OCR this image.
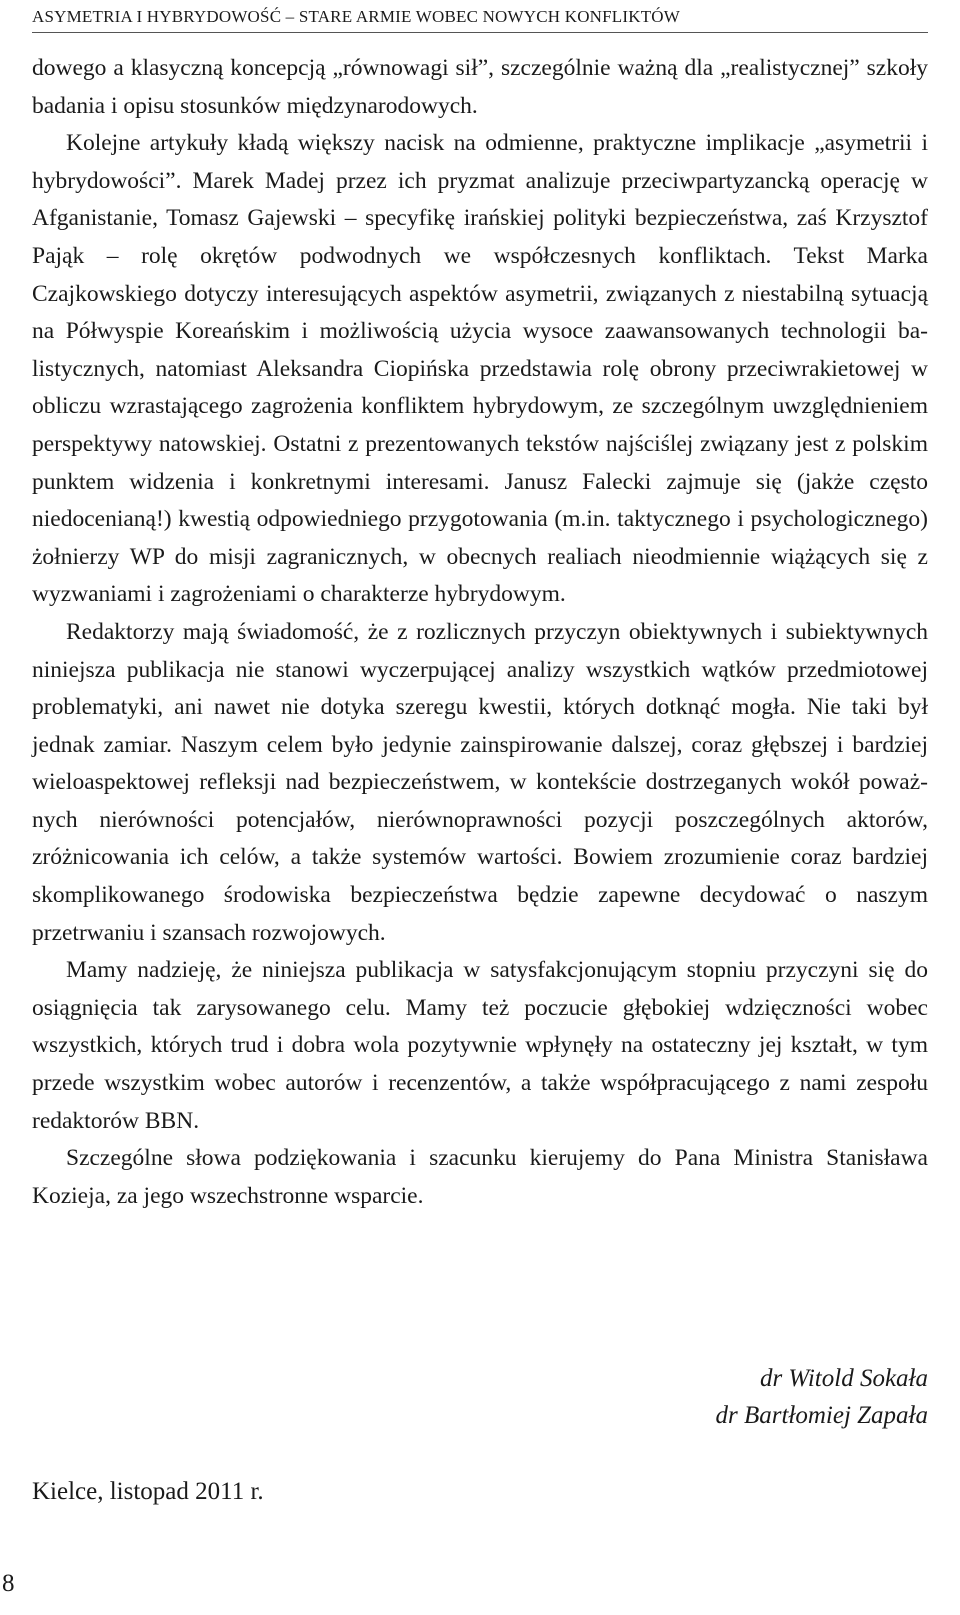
ASYMETRIA I HYBRYDOWOŚĆ – STARE ARMIE WOBEC NOWYCH KONFLIKTÓW

dowego a klasyczną koncepcją „równowagi sił”, szczególnie ważną dla „realistycznej” szkoły badania i opisu stosunków międzynarodowych.

Kolejne artykuły kładą większy nacisk na odmienne, praktyczne implikacje „asymetrii i hybrydowości”. Marek Madej przez ich pryzmat analizuje przeciwpartyzancką operację w Afganistanie, Tomasz Gajewski – specyfikę irańskiej polityki bezpieczeństwa, zaś Krzysztof Pająk – rolę okrętów podwodnych we współczesnych konfliktach. Tekst Marka Czajkowskiego dotyczy interesujących aspektów asymetrii, związanych z niestabilną sytuacją na Półwyspie Koreańskim i możliwością użycia wysoce zaawansowanych technologii balistycznych, natomiast Aleksandra Ciopińska przedstawia rolę obrony przeciwrakietowej w obliczu wzrastającego zagrożenia konfliktem hybrydowym, ze szczególnym uwzględnieniem perspektywy natowskiej. Ostatni z prezentowanych tekstów najściślej związany jest z polskim punktem widzenia i konkretnymi interesami. Janusz Falecki zajmuje się (jakże często niedocenianą!) kwestią odpowiedniego przygotowania (m.in. taktycznego i psychologicznego) żołnierzy WP do misji zagranicznych, w obecnych realiach nieodmiennie wiążących się z wyzwaniami i zagrożeniami o charakterze hybrydowym.

Redaktorzy mają świadomość, że z rozlicznych przyczyn obiektywnych i subiektywnych niniejsza publikacja nie stanowi wyczerpującej analizy wszystkich wątków przedmiotowej problematyki, ani nawet nie dotyka szeregu kwestii, których dotknąć mogła. Nie taki był jednak zamiar. Naszym celem było jedynie zainspirowanie dalszej, coraz głębszej i bardziej wieloaspektowej refleksji nad bezpieczeństwem, w kontekście dostrzeganych wokół poważnych nierówności potencjałów, nierównoprawności pozycji poszczególnych aktorów, zróżnicowania ich celów, a także systemów wartości. Bowiem zrozumienie coraz bardziej skomplikowanego środowiska bezpieczeństwa będzie zapewne decydować o naszym przetrwaniu i szansach rozwojowych.

Mamy nadzieję, że niniejsza publikacja w satysfakcjonującym stopniu przyczyni się do osiągnięcia tak zarysowanego celu. Mamy też poczucie głębokiej wdzięczności wobec wszystkich, których trud i dobra wola pozytywnie wpłynęły na ostateczny jej kształt, w tym przede wszystkim wobec autorów i recenzentów, a także współpracującego z nami zespołu redaktorów BBN.

Szczególne słowa podziękowania i szacunku kierujemy do Pana Ministra Stanisława Kozieja, za jego wszechstronne wsparcie.

dr Witold Sokała
dr Bartłomiej Zapała
Kielce, listopad 2011 r.
8
